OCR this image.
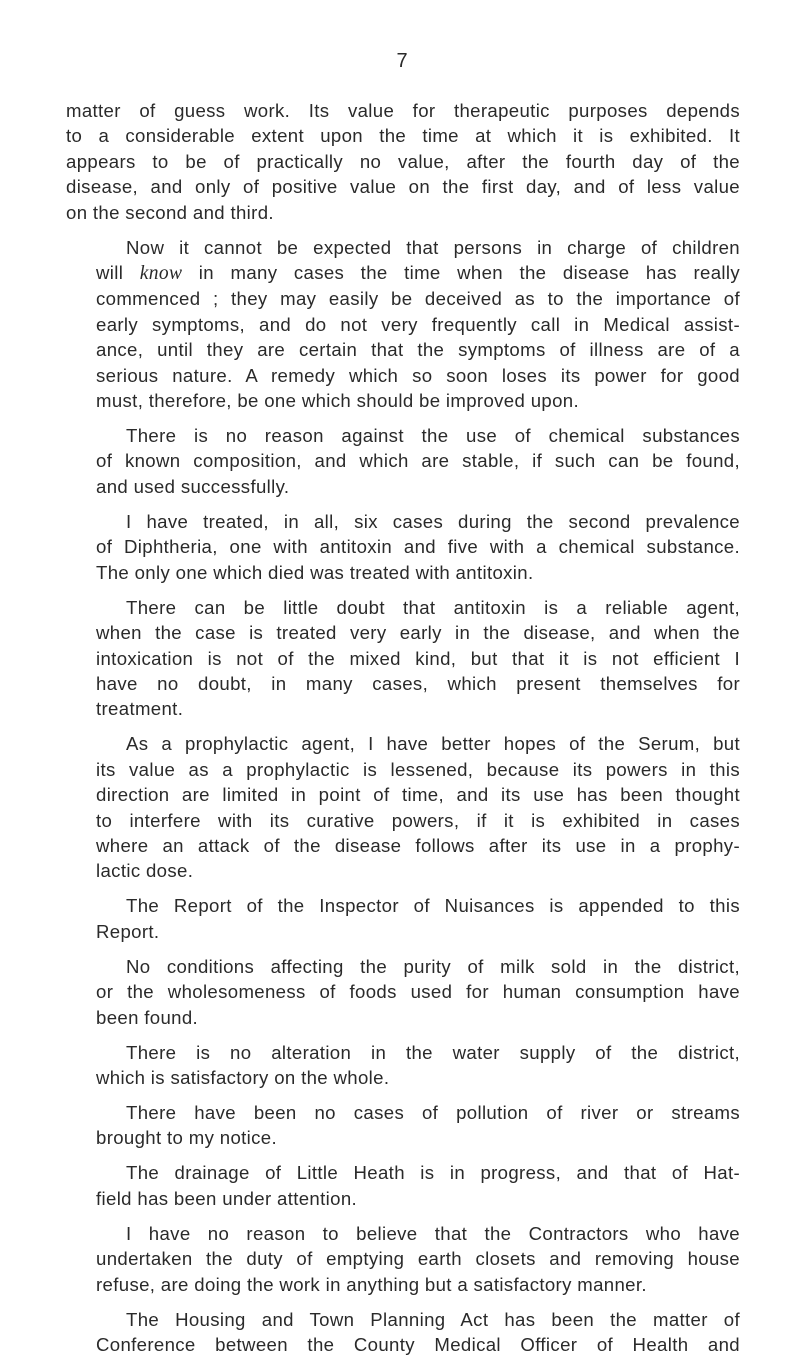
7
matter of guess work. Its value for therapeutic purposes depends
to a considerable extent upon the time at which it is exhibited. It
appears to be of practically no value, after the fourth day of the
disease, and only of positive value on the first day, and of less value
on the second and third.
Now it cannot be expected that persons in charge of children
will know in many cases the time when the disease has really
commenced ; they may easily be deceived as to the importance of
early symptoms, and do not very frequently call in Medical assist-
ance, until they are certain that the symptoms of illness are of a
serious nature. A remedy which so soon loses its power for good
must, therefore, be one which should be improved upon.
There is no reason against the use of chemical substances
of known composition, and which are stable, if such can be found,
and used successfully.
I have treated, in all, six cases during the second prevalence
of Diphtheria, one with antitoxin and five with a chemical substance.
The only one which died was treated with antitoxin.
There can be little doubt that antitoxin is a reliable agent,
when the case is treated very early in the disease, and when the
intoxication is not of the mixed kind, but that it is not efficient I
have no doubt, in many cases, which present themselves for
treatment.
As a prophylactic agent, I have better hopes of the Serum, but
its value as a prophylactic is lessened, because its powers in this
direction are limited in point of time, and its use has been thought
to interfere with its curative powers, if it is exhibited in cases
where an attack of the disease follows after its use in a prophy-
lactic dose.
The Report of the Inspector of Nuisances is appended to this
Report.
No conditions affecting the purity of milk sold in the district,
or the wholesomeness of foods used for human consumption have
been found.
There is no alteration in the water supply of the district,
which is satisfactory on the whole.
There have been no cases of pollution of river or streams
brought to my notice.
The drainage of Little Heath is in progress, and that of Hat-
field has been under attention.
I have no reason to believe that the Contractors who have
undertaken the duty of emptying earth closets and removing house
refuse, are doing the work in anything but a satisfactory manner.
The Housing and Town Planning Act has been the matter of
Conference between the County Medical Officer of Health and
